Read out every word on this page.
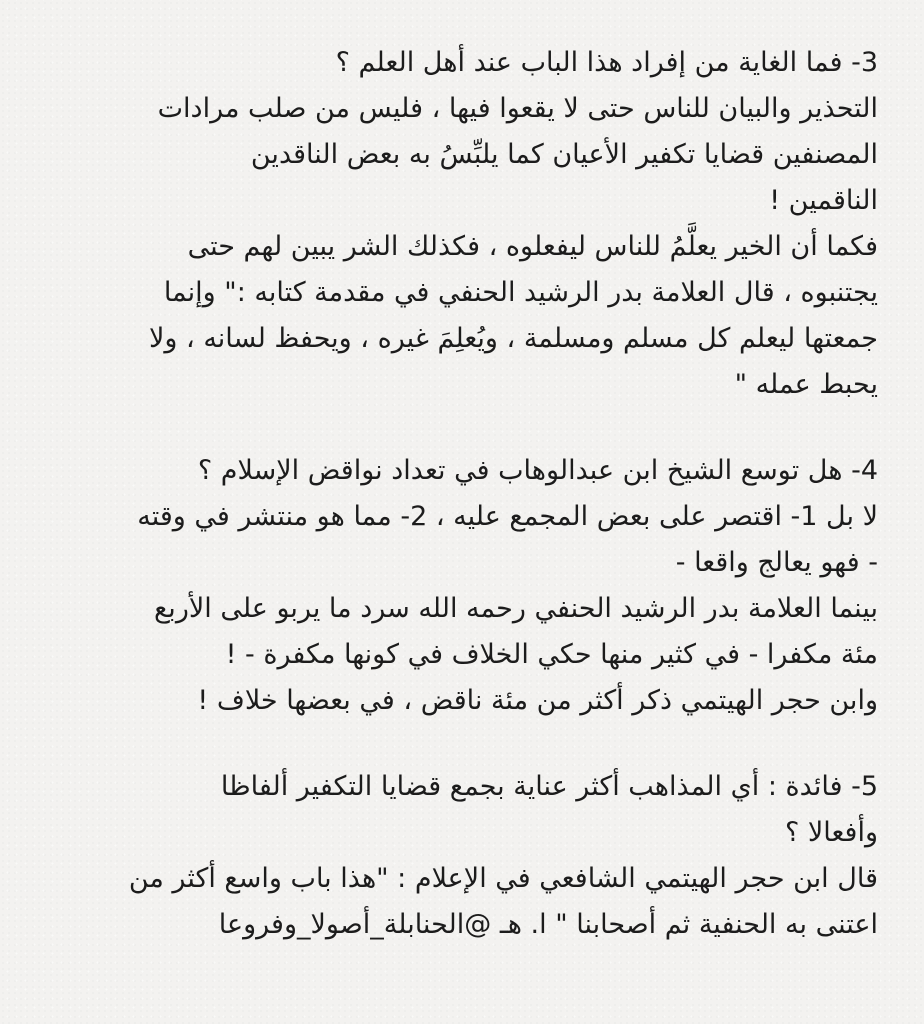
3- فما الغاية من إفراد هذا الباب عند أهل العلم ؟
التحذير والبيان للناس حتى لا يقعوا فيها ، فليس من صلب مرادات
المصنفين قضايا تكفير الأعيان كما يلبِّسُ به بعض الناقدين
الناقمين !
فكما أن الخير يعلَّمُ للناس ليفعلوه ، فكذلك الشر يبين لهم حتى
يجتنبوه ، قال العلامة بدر الرشيد الحنفي في مقدمة كتابه :" وإنما
جمعتها ليعلم كل مسلم ومسلمة ، ويُعلِمَ غيره ، ويحفظ لسانه ، ولا
يحبط عمله "
4- هل توسع الشيخ ابن عبدالوهاب في تعداد نواقض الإسلام ؟
لا بل 1- اقتصر على بعض المجمع عليه ، 2- مما هو منتشر في وقته
- فهو يعالج واقعا -
بينما العلامة بدر الرشيد الحنفي رحمه الله سرد ما يربو على الأربع
مئة مكفرا - في كثير منها حكي الخلاف في كونها مكفرة - !
وابن حجر الهيتمي ذكر أكثر من مئة ناقض ، في بعضها خلاف !
5- فائدة : أي المذاهب أكثر عناية بجمع قضايا التكفير ألفاظا
وأفعالا ؟
قال ابن حجر الهيتمي الشافعي في الإعلام : "هذا باب واسع أكثر من
اعتنى به الحنفية ثم أصحابنا " ا. هـ @الحنابلة_أصولا_وفروعا
